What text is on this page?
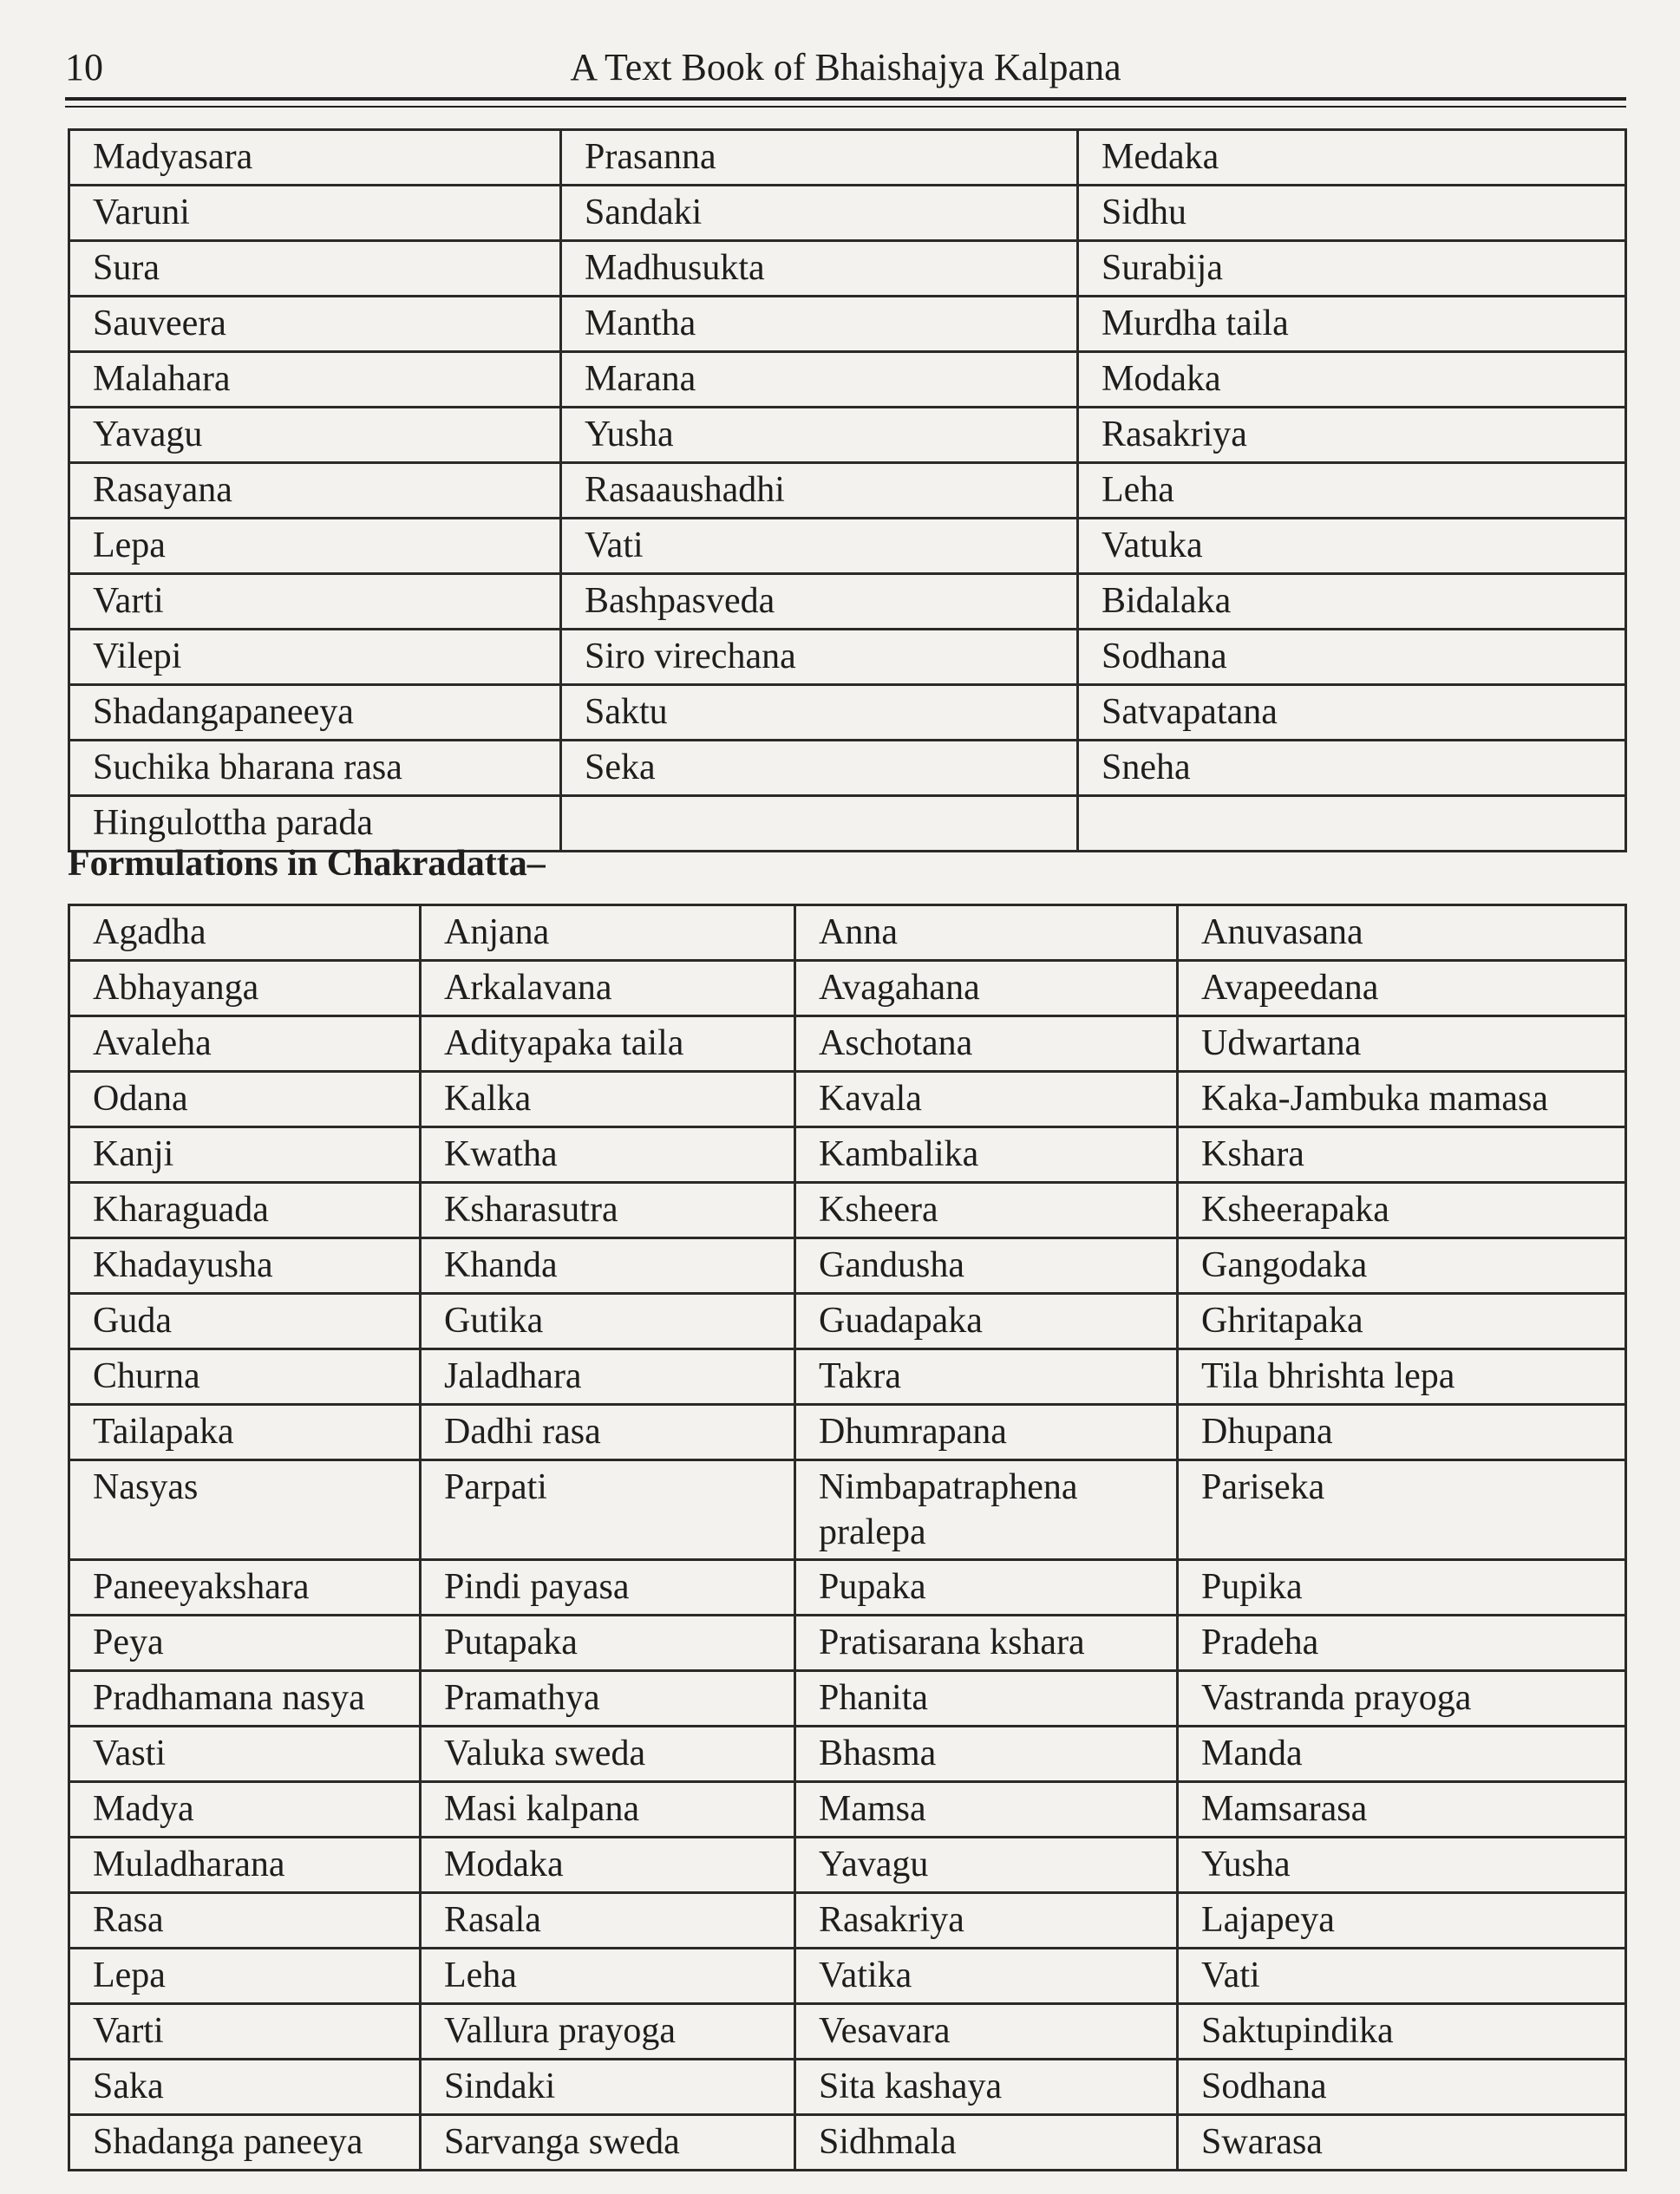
10	A Text Book of Bhaishajya Kalpana
Madyasara	Prasanna	Medaka
Varuni	Sandaki	Sidhu
Sura	Madhusukta	Surabija
Sauveera	Mantha	Murdha taila
Malahara	Marana	Modaka
Yavagu	Yusha	Rasakriya
Rasayana	Rasaaushadhi	Leha
Lepa	Vati	Vatuka
Varti	Bashpasveda	Bidalaka
Vilepi	Siro virechana	Sodhana
Shadangapaneeya	Saktu	Satvapatana
Suchika bharana rasa	Seka	Sneha
Hingulottha parada		
Formulations in Chakradatta–
Agadha	Anjana	Anna	Anuvasana
Abhayanga	Arkalavana	Avagahana	Avapeedana
Avaleha	Adityapaka taila	Aschotana	Udwartana
Odana	Kalka	Kavala	Kaka-Jambuka mamasa
Kanji	Kwatha	Kambalika	Kshara
Kharaguada	Ksharasutra	Ksheera	Ksheerapaka
Khadayusha	Khanda	Gandusha	Gangodaka
Guda	Gutika	Guadapaka	Ghritapaka
Churna	Jaladhara	Takra	Tila bhrishta lepa
Tailapaka	Dadhi rasa	Dhumrapana	Dhupana
Nasyas	Parpati	Nimbapatraphena pralepa	Pariseka
Paneeyakshara	Pindi payasa	Pupaka	Pupika
Peya	Putapaka	Pratisarana kshara	Pradeha
Pradhamana nasya	Pramathya	Phanita	Vastranda prayoga
Vasti	Valuka sweda	Bhasma	Manda
Madya	Masi kalpana	Mamsa	Mamsarasa
Muladharana	Modaka	Yavagu	Yusha
Rasa	Rasala	Rasakriya	Lajapeya
Lepa	Leha	Vatika	Vati
Varti	Vallura prayoga	Vesavara	Saktupindika
Saka	Sindaki	Sita kashaya	Sodhana
Shadanga paneeya	Sarvanga sweda	Sidhmala	Swarasa
